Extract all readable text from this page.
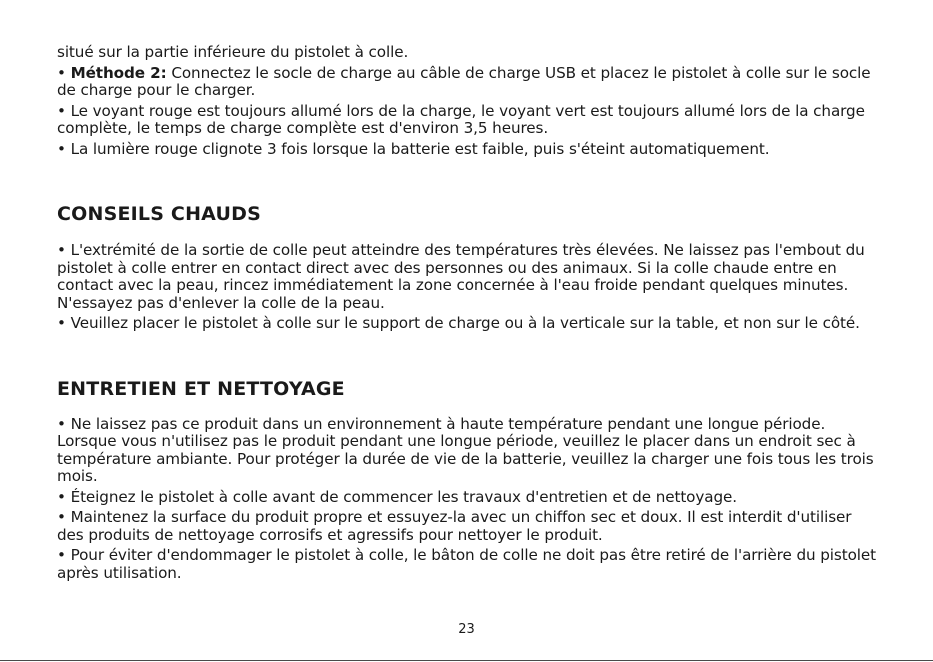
situé sur la partie inférieure du pistolet à colle.

• Méthode 2: Connectez le socle de charge au câble de charge USB et placez le pistolet à colle sur le socle de charge pour le charger.

• Le voyant rouge est toujours allumé lors de la charge, le voyant vert est toujours allumé lors de la charge complète, le temps de charge complète est d'environ 3,5 heures.

• La lumière rouge clignote 3 fois lorsque la batterie est faible, puis s'éteint automatiquement.

CONSEILS CHAUDS

• L'extrémité de la sortie de colle peut atteindre des températures très élevées. Ne laissez pas l'embout du pistolet à colle entrer en contact direct avec des personnes ou des animaux. Si la colle chaude entre en contact avec la peau, rincez immédiatement la zone concernée à l'eau froide pendant quelques minutes. N'essayez pas d'enlever la colle de la peau.

• Veuillez placer le pistolet à colle sur le support de charge ou à la verticale sur la table, et non sur le côté.

ENTRETIEN ET NETTOYAGE

• Ne laissez pas ce produit dans un environnement à haute température pendant une longue période. Lorsque vous n'utilisez pas le produit pendant une longue période, veuillez le placer dans un endroit sec à température ambiante. Pour protéger la durée de vie de la batterie, veuillez la charger une fois tous les trois mois.

• Éteignez le pistolet à colle avant de commencer les travaux d'entretien et de nettoyage.

• Maintenez la surface du produit propre et essuyez-la avec un chiffon sec et doux. Il est interdit d'utiliser des produits de nettoyage corrosifs et agressifs pour nettoyer le produit.

• Pour éviter d'endommager le pistolet à colle, le bâton de colle ne doit pas être retiré de l'arrière du pistolet après utilisation.

23
